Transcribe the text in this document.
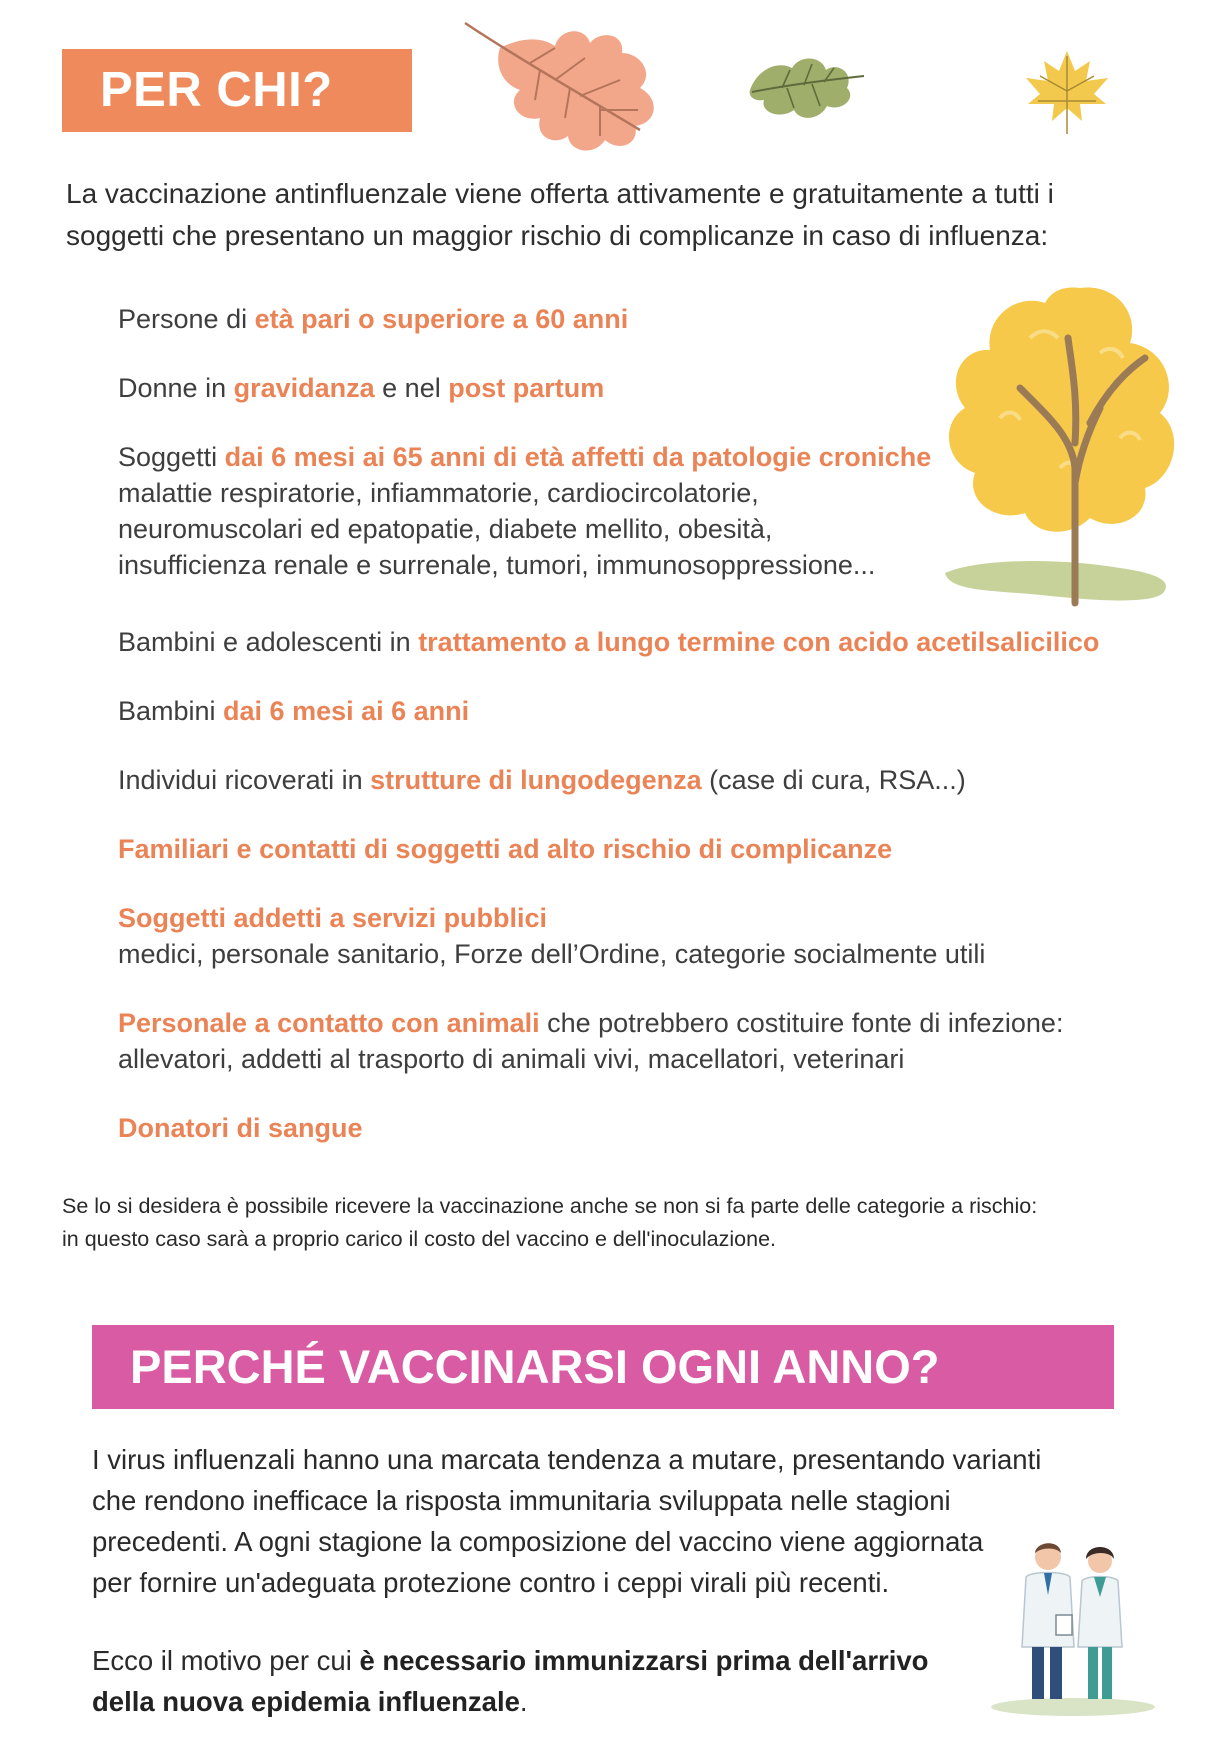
PER CHI?
La vaccinazione antinfluenzale viene offerta attivamente e gratuitamente a tutti i soggetti che presentano un maggior rischio di complicanze in caso di influenza:
Persone di età pari o superiore a 60 anni
Donne in gravidanza e nel post partum
Soggetti dai 6 mesi ai 65 anni di età affetti da patologie croniche
malattie respiratorie, infiammatorie, cardiocircolatorie,
neuromuscolari ed epatopatie, diabete mellito, obesità,
insufficienza renale e surrenale, tumori, immunosoppressione...
Bambini e adolescenti in trattamento a lungo termine con acido acetilsalicilico
Bambini dai 6 mesi ai 6 anni
Individui ricoverati in strutture di lungodegenza (case di cura, RSA...)
Familiari e contatti di soggetti ad alto rischio di complicanze
Soggetti addetti a servizi pubblici
medici, personale sanitario, Forze dell’Ordine, categorie socialmente utili
Personale a contatto con animali che potrebbero costituire fonte di infezione:
allevatori, addetti al trasporto di animali vivi, macellatori, veterinari
Donatori di sangue
Se lo si desidera è possibile ricevere la vaccinazione anche se non si fa parte delle categorie a rischio:
in questo caso sarà a proprio carico il costo del vaccino e dell'inoculazione.
PERCHÉ VACCINARSI OGNI ANNO?
I virus influenzali hanno una marcata tendenza a mutare, presentando varianti
che rendono inefficace la risposta immunitaria sviluppata nelle stagioni
precedenti. A ogni stagione la composizione del vaccino viene aggiornata
per fornire un'adeguata protezione contro i ceppi virali più recenti.
Ecco il motivo per cui è necessario immunizzarsi prima dell'arrivo
della nuova epidemia influenzale.
